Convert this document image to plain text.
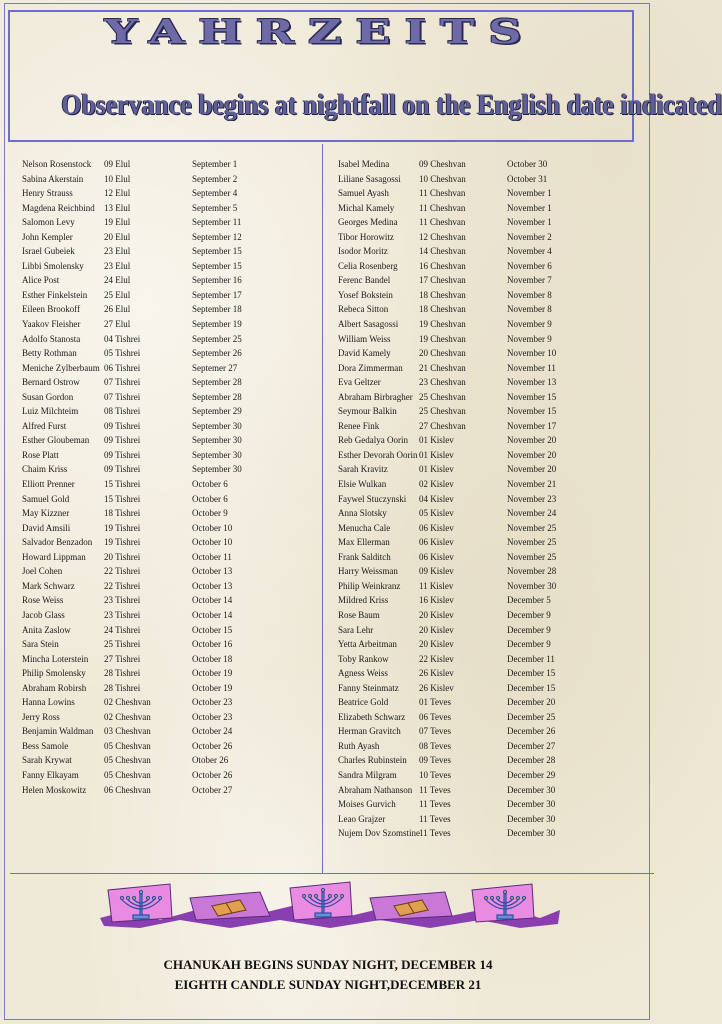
YAHRZEITS
Observance begins at nightfall on the English date indicated
Nelson Rosenstock 09 Elul	September 1
Sabina Akerstain 10 Elul	September 2
Henry Strauss	12 Elul	September 4
Magdena Reichbind 13 Elul	September 5
Salomon Levy	19 Elul	September 11
John Kempler	20 Elul	September 12
Israel Gubeiek	23 Elul	September 15
Libbi Smolensky 23 Elul	September 15
Alice Post	24 Elul	September 16
Esther Finkelstein 25 Elul	September 17
Eileen Brookoff	26 Elul	September 18
Yaakov Fleisher	27 Elul	September 19
Adolfo Stanosta	04 Tishrei	September 25
Betty Rothman	05 Tishrei	September 26
Meniche Zylberbaum 06 Tishrei	Septemer 27
Bernard Ostrow	07 Tishrei	September 28
Susan Gordon	07 Tishrei	September 28
Luiz Milchteim	08 Tishrei	September 29
Alfred Furst	09 Tishrei	September 30
Esther Gloubeman 09 Tishrei	September 30
Rose Platt	09 Tishrei	September 30
Chaim Kriss	09 Tishrei	September 30
Elliott Prenner	15 Tishrei	October 6
Samuel Gold	15 Tishrei	October 6
May Kizzner	18 Tishrei	October 9
David Amsili	19 Tishrei	October 10
Salvador Benzadon 19 Tishrei	October 10
Howard Lippman 20 Tishrei	October 11
Joel Cohen	22 Tishrei	October 13
Mark Schwarz	22 Tishrei	October 13
Rose Weiss	23 Tishrei	October 14
Jacob Glass	23 Tishrei	October 14
Anita Zaslow	24 Tishrei	October 15
Sara Stein	25 Tishrei	October 16
Mincha Loterstein 27 Tishrei	October 18
Philip Smolensky 28 Tishrei	October 19
Abraham Robirsh 28 Tishrei	October 19
Hanna Lowins	02 Cheshvan	October 23
Jerry Ross	02 Cheshvan	October 23
Benjamin Waldman 03 Cheshvan	October 24
Bess Samole	05 Cheshvan	October 26
Sarah Krywat	05 Cheshvan	Otober 26
Fanny Elkayam	05 Cheshvan	October 26
Helen Moskowitz 06 Cheshvan	October 27
Isabel Medina	09 Cheshvan	October 30
Liliane Sasagossi 10 Cheshvan	October 31
Samuel Ayash	11 Cheshvan	November 1
Michal Kamely	11 Cheshvan	November 1
Georges Medina 11 Cheshvan	November 1
Tibor Horowitz	12 Cheshvan	November 2
Isodor Moritz	14 Cheshvan	November 4
Celia Rosenberg 16 Cheshvan	November 6
Ferenc Bandel	17 Cheshvan	November 7
Yosef Bokstein	18 Cheshvan	November 8
Rebeca Sitton	18 Cheshvan	November 8
Albert Sasagossi 19 Cheshvan	November 9
William Weiss	19 Cheshvan	November 9
David Kamely	20 Cheshvan	November 10
Dora Zimmerman 21 Cheshvan	November 11
Eva Geltzer	23 Cheshvan	November 13
Abraham Birbragher 25 Cheshvan	November 15
Seymour Balkin 25 Cheshvan	November 15
Renee Fink	27 Cheshvan	November 17
Reb Gedalya Oorin 01 Kislev	November 20
Esther Devorah Oorin 01 Kislev	November 20
Sarah Kravitz	01 Kislev	November 20
Elsie Wulkan	02 Kislev	November 21
Faywel Stuczynski 04 Kislev	November 23
Anna Slotsky	05 Kislev	November 24
Menucha Cale	06 Kislev	November 25
Max Ellerman	06 Kislev	November 25
Frank Salditch	06 Kislev	November 25
Harry Weissman 09 Kislev	November 28
Philip Weinkranz 11 Kislev	November 30
Mildred Kriss	16 Kislev	December 5
Rose Baum	20 Kislev	December 9
Sara Lehr	20 Kislev	December 9
Yetta Arbeitman 20 Kislev	December 9
Toby Rankow	22 Kislev	December 11
Agness Weiss	26 Kislev	December 15
Fanny Steinmatz 26 Kislev	December 15
Beatrice Gold	01 Teves	December 20
Elizabeth Schwarz 06 Teves	December 25
Herman Gravitch 07 Teves	December 26
Ruth Ayash	08 Teves	December 27
Charles Rubinstein 09 Teves	December 28
Sandra Milgram 10 Teves	December 29
Abraham Nathanson 11 Teves	December 30
Moises Gurvich	11 Teves	December 30
Leao Grajzer	11 Teves	December 30
Nujem Dov Szomstine 11 Teves	December 30

CHANUKAH BEGINS SUNDAY NIGHT, DECEMBER 14

EIGHTH CANDLE SUNDAY NIGHT,DECEMBER 21
